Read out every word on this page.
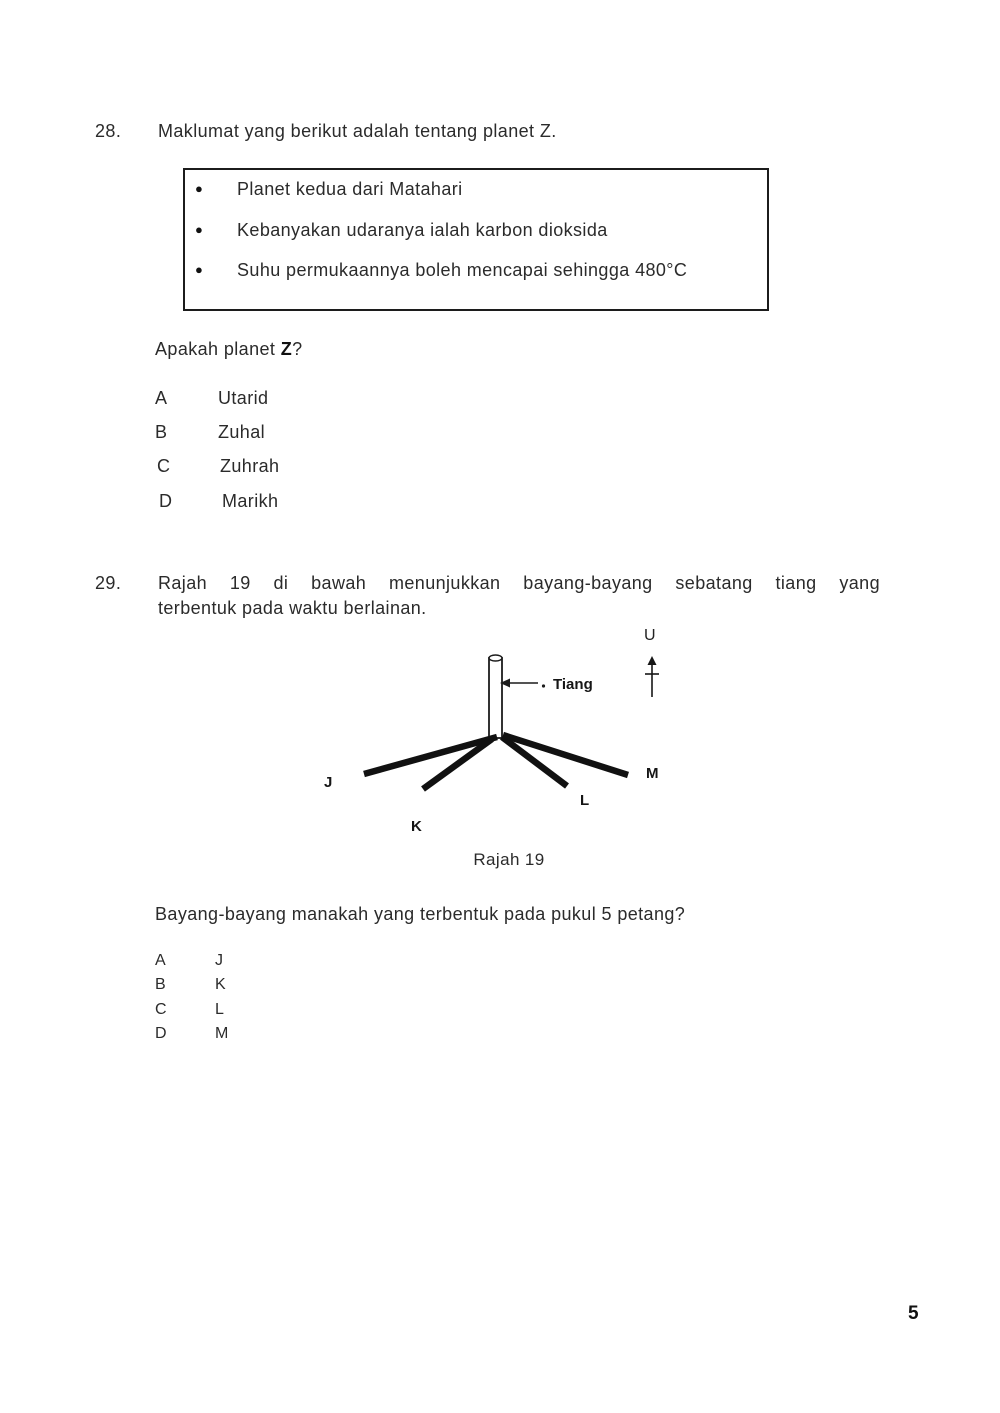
28. Maklumat yang berikut adalah tentang planet Z.
●	Planet kedua dari Matahari
●	Kebanyakan udaranya ialah karbon dioksida
●	Suhu permukaannya boleh mencapai sehingga 480°C
Apakah planet Z?
A	Utarid
B	Zuhal
C	Zuhrah
D	Marikh
29. Rajah 19 di bawah menunjukkan bayang-bayang sebatang tiang yang
terbentuk pada waktu berlainan.
U
Tiang
J
K
L
M
Rajah 19
Bayang-bayang manakah yang terbentuk pada pukul 5 petang?
A	J
B	K
C	L
D	M
5
